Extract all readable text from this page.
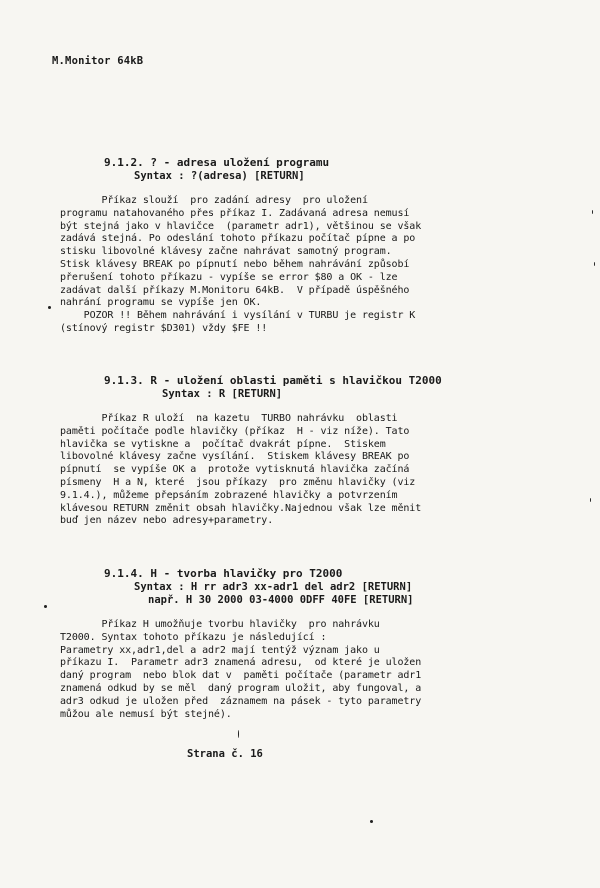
M.Monitor 64kB

9.1.2. ? - adresa uložení programu

Syntax : ?(adresa) [RETURN]

Příkaz slouží  pro zadání adresy  pro uložení

programu natahovaného přes příkaz I. Zadávaná adresa nemusí

být stejná jako v hlavičce  (parametr adr1), většinou se však

zadává stejná. Po odeslání tohoto příkazu počítač pípne a po

stisku libovolné klávesy začne nahrávat samotný program.

Stisk klávesy BREAK po pípnutí nebo během nahrávání způsobí

přerušení tohoto příkazu - vypíše se error $80 a OK - lze

zadávat další příkazy M.Monitoru 64kB.  V případě úspěšného

nahrání programu se vypíše jen OK.

POZOR !! Během nahrávání i vysílání v TURBU je registr K

(stínový registr $D301) vždy $FE !!

9.1.3. R - uložení oblasti paměti s hlavičkou T2000

Syntax : R [RETURN]

Příkaz R uloží  na kazetu  TURBO nahrávku  oblasti

paměti počítače podle hlavičky (příkaz  H - viz níže). Tato

hlavička se vytiskne a  počítač dvakrát pípne.  Stiskem

libovolné klávesy začne vysílání.  Stiskem klávesy BREAK po

pípnutí  se vypíše OK a  protože vytisknutá hlavička začíná

písmeny  H a N, které  jsou příkazy  pro změnu hlavičky (viz

9.1.4.), můžeme přepsáním zobrazené hlavičky a potvrzením

klávesou RETURN změnit obsah hlavičky.Najednou však lze měnit

buď jen název nebo adresy+parametry.

9.1.4. H - tvorba hlavičky pro T2000

Syntax : H rr adr3 xx-adr1 del adr2 [RETURN]

např. H 30 2000 03-4000 0DFF 40FE [RETURN]

Příkaz H umožňuje tvorbu hlavičky  pro nahrávku

T2000. Syntax tohoto příkazu je následující :

Parametry xx,adr1,del a adr2 mají tentýž význam jako u

příkazu I.  Parametr adr3 znamená adresu,  od které je uložen

daný program  nebo blok dat v  paměti počítače (parametr adr1

znamená odkud by se měl  daný program uložit, aby fungoval, a

adr3 odkud je uložen před  záznamem na pásek - tyto parametry

můžou ale nemusí být stejné).

Strana č. 16
